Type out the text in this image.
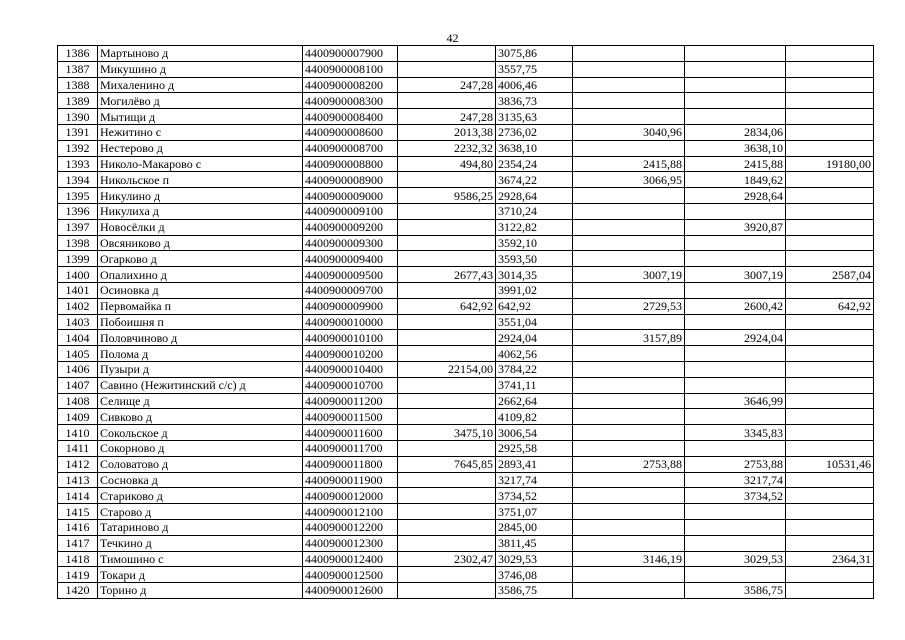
42
1386	Мартыново д	4400900007900		3075,86			
1387	Микушино д	4400900008100		3557,75			
1388	Михаленино д	4400900008200	247,28	4006,46			
1389	Могилёво д	4400900008300		3836,73			
1390	Мытищи д	4400900008400	247,28	3135,63			
1391	Нежитино с	4400900008600	2013,38	2736,02	3040,96	2834,06	
1392	Нестерово д	4400900008700	2232,32	3638,10		3638,10	
1393	Николо-Макарово с	4400900008800	494,80	2354,24	2415,88	2415,88	19180,00
1394	Никольское п	4400900008900		3674,22	3066,95	1849,62	
1395	Никулино д	4400900009000	9586,25	2928,64		2928,64	
1396	Никулиха д	4400900009100		3710,24			
1397	Новосёлки д	4400900009200		3122,82		3920,87	
1398	Овсяниково д	4400900009300		3592,10			
1399	Огарково д	4400900009400		3593,50			
1400	Опалихино д	4400900009500	2677,43	3014,35	3007,19	3007,19	2587,04
1401	Осиновка д	4400900009700		3991,02			
1402	Первомайка п	4400900009900	642,92	642,92	2729,53	2600,42	642,92
1403	Побоишня п	4400900010000		3551,04			
1404	Половчиново д	4400900010100		2924,04	3157,89	2924,04	
1405	Полома д	4400900010200		4062,56			
1406	Пузыри д	4400900010400	22154,00	3784,22			
1407	Савино (Нежитинский с/с) д	4400900010700		3741,11			
1408	Селище д	4400900011200		2662,64		3646,99	
1409	Сивково д	4400900011500		4109,82			
1410	Сокольское д	4400900011600	3475,10	3006,54		3345,83	
1411	Сокорново д	4400900011700		2925,58			
1412	Соловатово д	4400900011800	7645,85	2893,41	2753,88	2753,88	10531,46
1413	Сосновка д	4400900011900		3217,74		3217,74	
1414	Стариково д	4400900012000		3734,52		3734,52	
1415	Старово д	4400900012100		3751,07			
1416	Татариново д	4400900012200		2845,00			
1417	Течкино д	4400900012300		3811,45			
1418	Тимошино с	4400900012400	2302,47	3029,53	3146,19	3029,53	2364,31
1419	Токари д	4400900012500		3746,08			
1420	Торино д	4400900012600		3586,75		3586,75	
